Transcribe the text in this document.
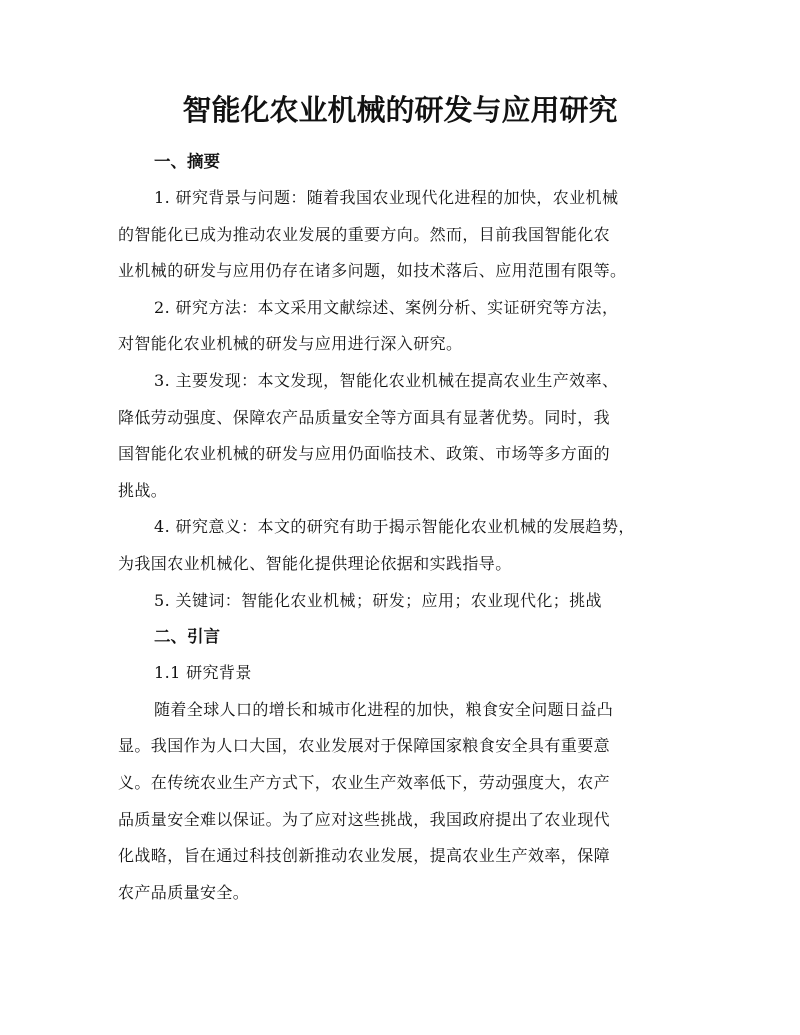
智能化农业机械的研发与应用研究
一、摘要
1. 研究背景与问题：随着我国农业现代化进程的加快，农业机械
的智能化已成为推动农业发展的重要方向。然而，目前我国智能化农
业机械的研发与应用仍存在诸多问题，如技术落后、应用范围有限等。
2. 研究方法：本文采用文献综述、案例分析、实证研究等方法，
对智能化农业机械的研发与应用进行深入研究。
3. 主要发现：本文发现，智能化农业机械在提高农业生产效率、
降低劳动强度、保障农产品质量安全等方面具有显著优势。同时，我
国智能化农业机械的研发与应用仍面临技术、政策、市场等多方面的
挑战。
4. 研究意义：本文的研究有助于揭示智能化农业机械的发展趋势，
为我国农业机械化、智能化提供理论依据和实践指导。
5. 关键词：智能化农业机械；研发；应用；农业现代化；挑战
二、引言
1.1 研究背景
随着全球人口的增长和城市化进程的加快，粮食安全问题日益凸
显。我国作为人口大国，农业发展对于保障国家粮食安全具有重要意
义。在传统农业生产方式下，农业生产效率低下，劳动强度大，农产
品质量安全难以保证。为了应对这些挑战，我国政府提出了农业现代
化战略，旨在通过科技创新推动农业发展，提高农业生产效率，保障
农产品质量安全。
